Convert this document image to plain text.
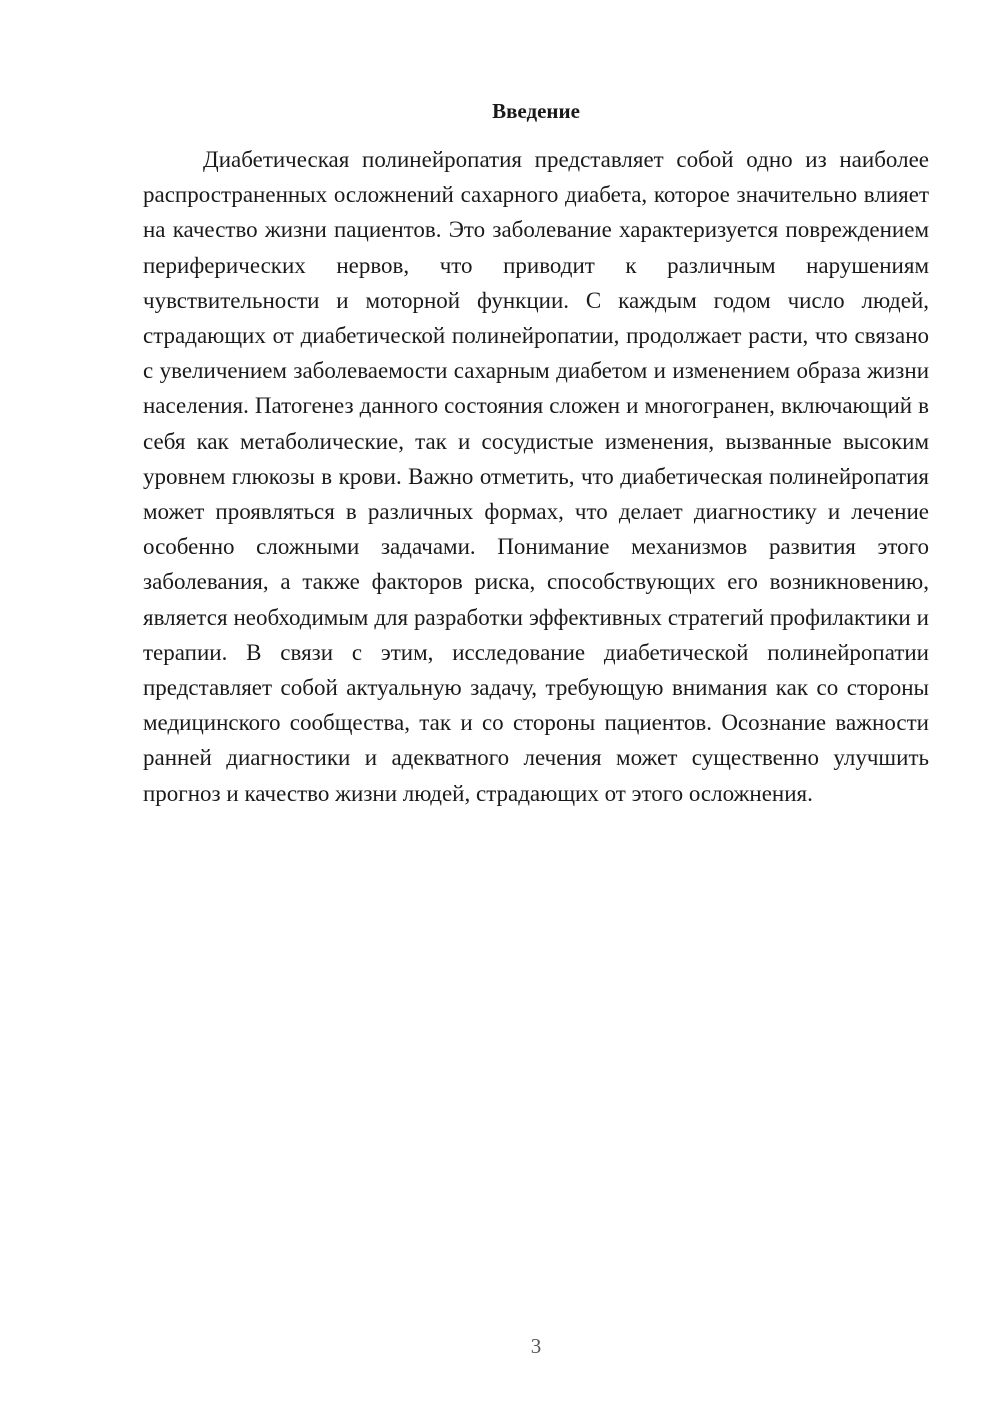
Введение

Диабетическая полинейропатия представляет собой одно из наиболее распространенных осложнений сахарного диабета, которое значительно влияет на качество жизни пациентов. Это заболевание характеризуется повреждением периферических нервов, что приводит к различным нарушениям чувствительности и моторной функции. С каждым годом число людей, страдающих от диабетической полинейропатии, продолжает расти, что связано с увеличением заболеваемости сахарным диабетом и изменением образа жизни населения. Патогенез данного состояния сложен и многогранен, включающий в себя как метаболические, так и сосудистые изменения, вызванные высоким уровнем глюкозы в крови. Важно отметить, что диабетическая полинейропатия может проявляться в различных формах, что делает диагностику и лечение особенно сложными задачами. Понимание механизмов развития этого заболевания, а также факторов риска, способствующих его возникновению, является необходимым для разработки эффективных стратегий профилактики и терапии. В связи с этим, исследование диабетической полинейропатии представляет собой актуальную задачу, требующую внимания как со стороны медицинского сообщества, так и со стороны пациентов. Осознание важности ранней диагностики и адекватного лечения может существенно улучшить прогноз и качество жизни людей, страдающих от этого осложнения.

3
